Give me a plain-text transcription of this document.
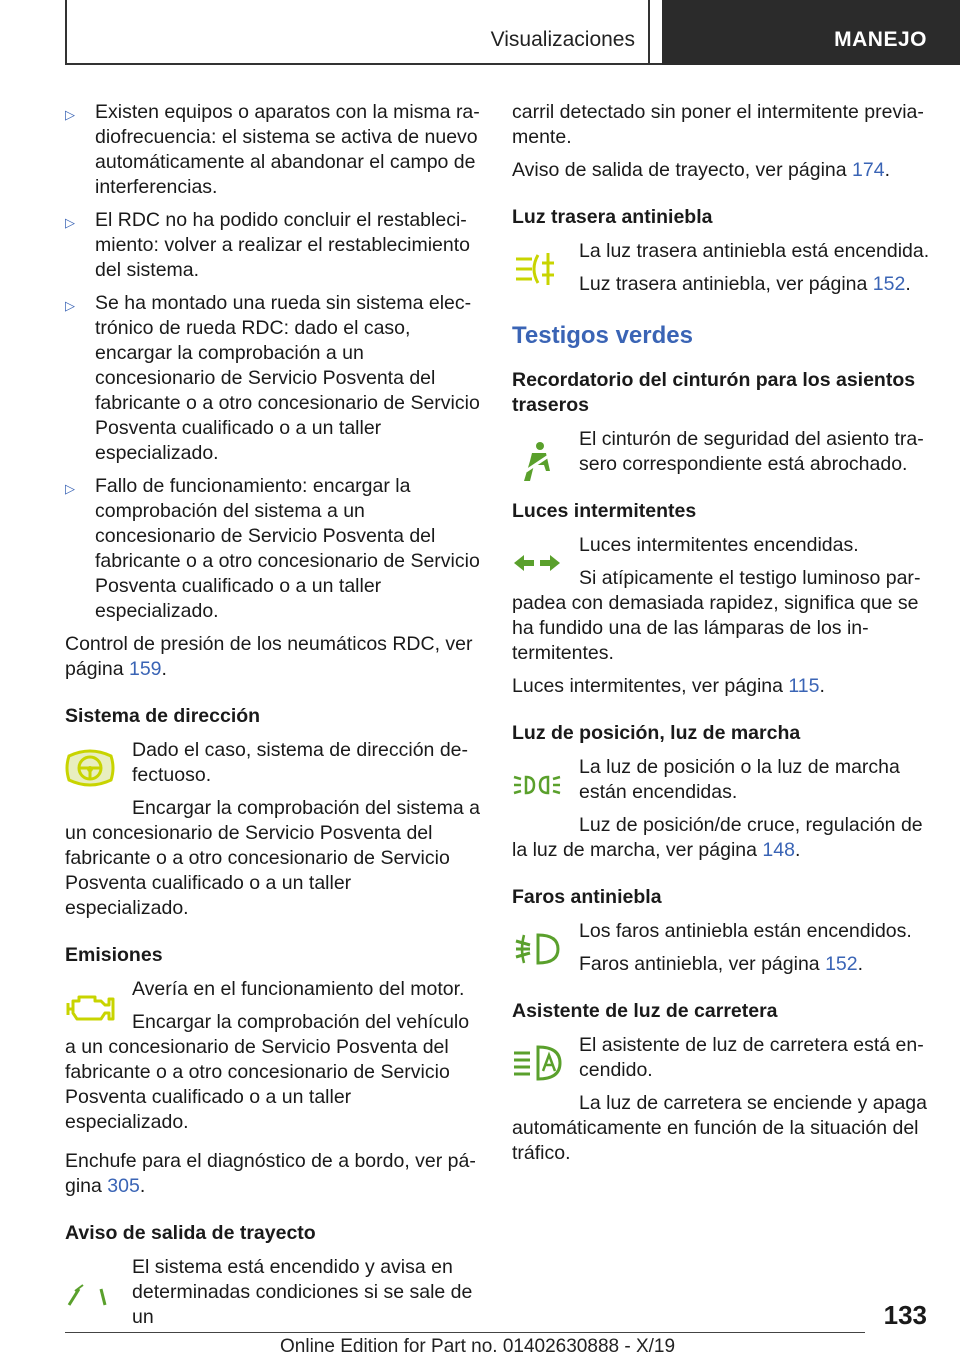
Visualizaciones	MANEJO
▷	Existen equipos o aparatos con la misma radiofrecuencia: el sistema se activa de nuevo automáticamente al abandonar el campo de interferencias.
▷	El RDC no ha podido concluir el restablecimiento: volver a realizar el restablecimiento del sistema.
▷	Se ha montado una rueda sin sistema electrónico de rueda RDC: dado el caso, encargar la comprobación a un concesionario de Servicio Posventa del fabricante o a otro concesionario de Servicio Posventa cualificado o a un taller especializado.
▷	Fallo de funcionamiento: encargar la comprobación del sistema a un concesionario de Servicio Posventa del fabricante o a otro concesionario de Servicio Posventa cualificado o a un taller especializado.

Control de presión de los neumáticos RDC, ver página 159.

Sistema de dirección

Dado el caso, sistema de dirección defectuoso.

Encargar la comprobación del sistema a un concesionario de Servicio Posventa del fabricante o a otro concesionario de Servicio Posventa cualificado o a un taller especializado.

Emisiones

Avería en el funcionamiento del motor.

Encargar la comprobación del vehículo a un concesionario de Servicio Posventa del fabricante o a otro concesionario de Servicio Posventa cualificado o a un taller especializado.

Enchufe para el diagnóstico de a bordo, ver página 305.

Aviso de salida de trayecto

El sistema está encendido y avisa en determinadas condiciones si se sale de un

carril detectado sin poner el intermitente previamente.

Aviso de salida de trayecto, ver página 174.

Luz trasera antiniebla

La luz trasera antiniebla está encendida.

Luz trasera antiniebla, ver página 152.

Testigos verdes
Recordatorio del cinturón para los asientos traseros

El cinturón de seguridad del asiento trasero correspondiente está abrochado.

Luces intermitentes

Luces intermitentes encendidas.

Si atípicamente el testigo luminoso parpadea con demasiada rapidez, significa que se ha fundido una de las lámparas de los intermitentes.

Luces intermitentes, ver página 115.

Luz de posición, luz de marcha

La luz de posición o la luz de marcha están encendidas.

Luz de posición/de cruce, regulación de la luz de marcha, ver página 148.

Faros antiniebla

Los faros antiniebla están encendidos.

Faros antiniebla, ver página 152.

Asistente de luz de carretera

El asistente de luz de carretera está encendido.

La luz de carretera se enciende y apaga automáticamente en función de la situación del tráfico.

133
Online Edition for Part no. 01402630888 - X/19
